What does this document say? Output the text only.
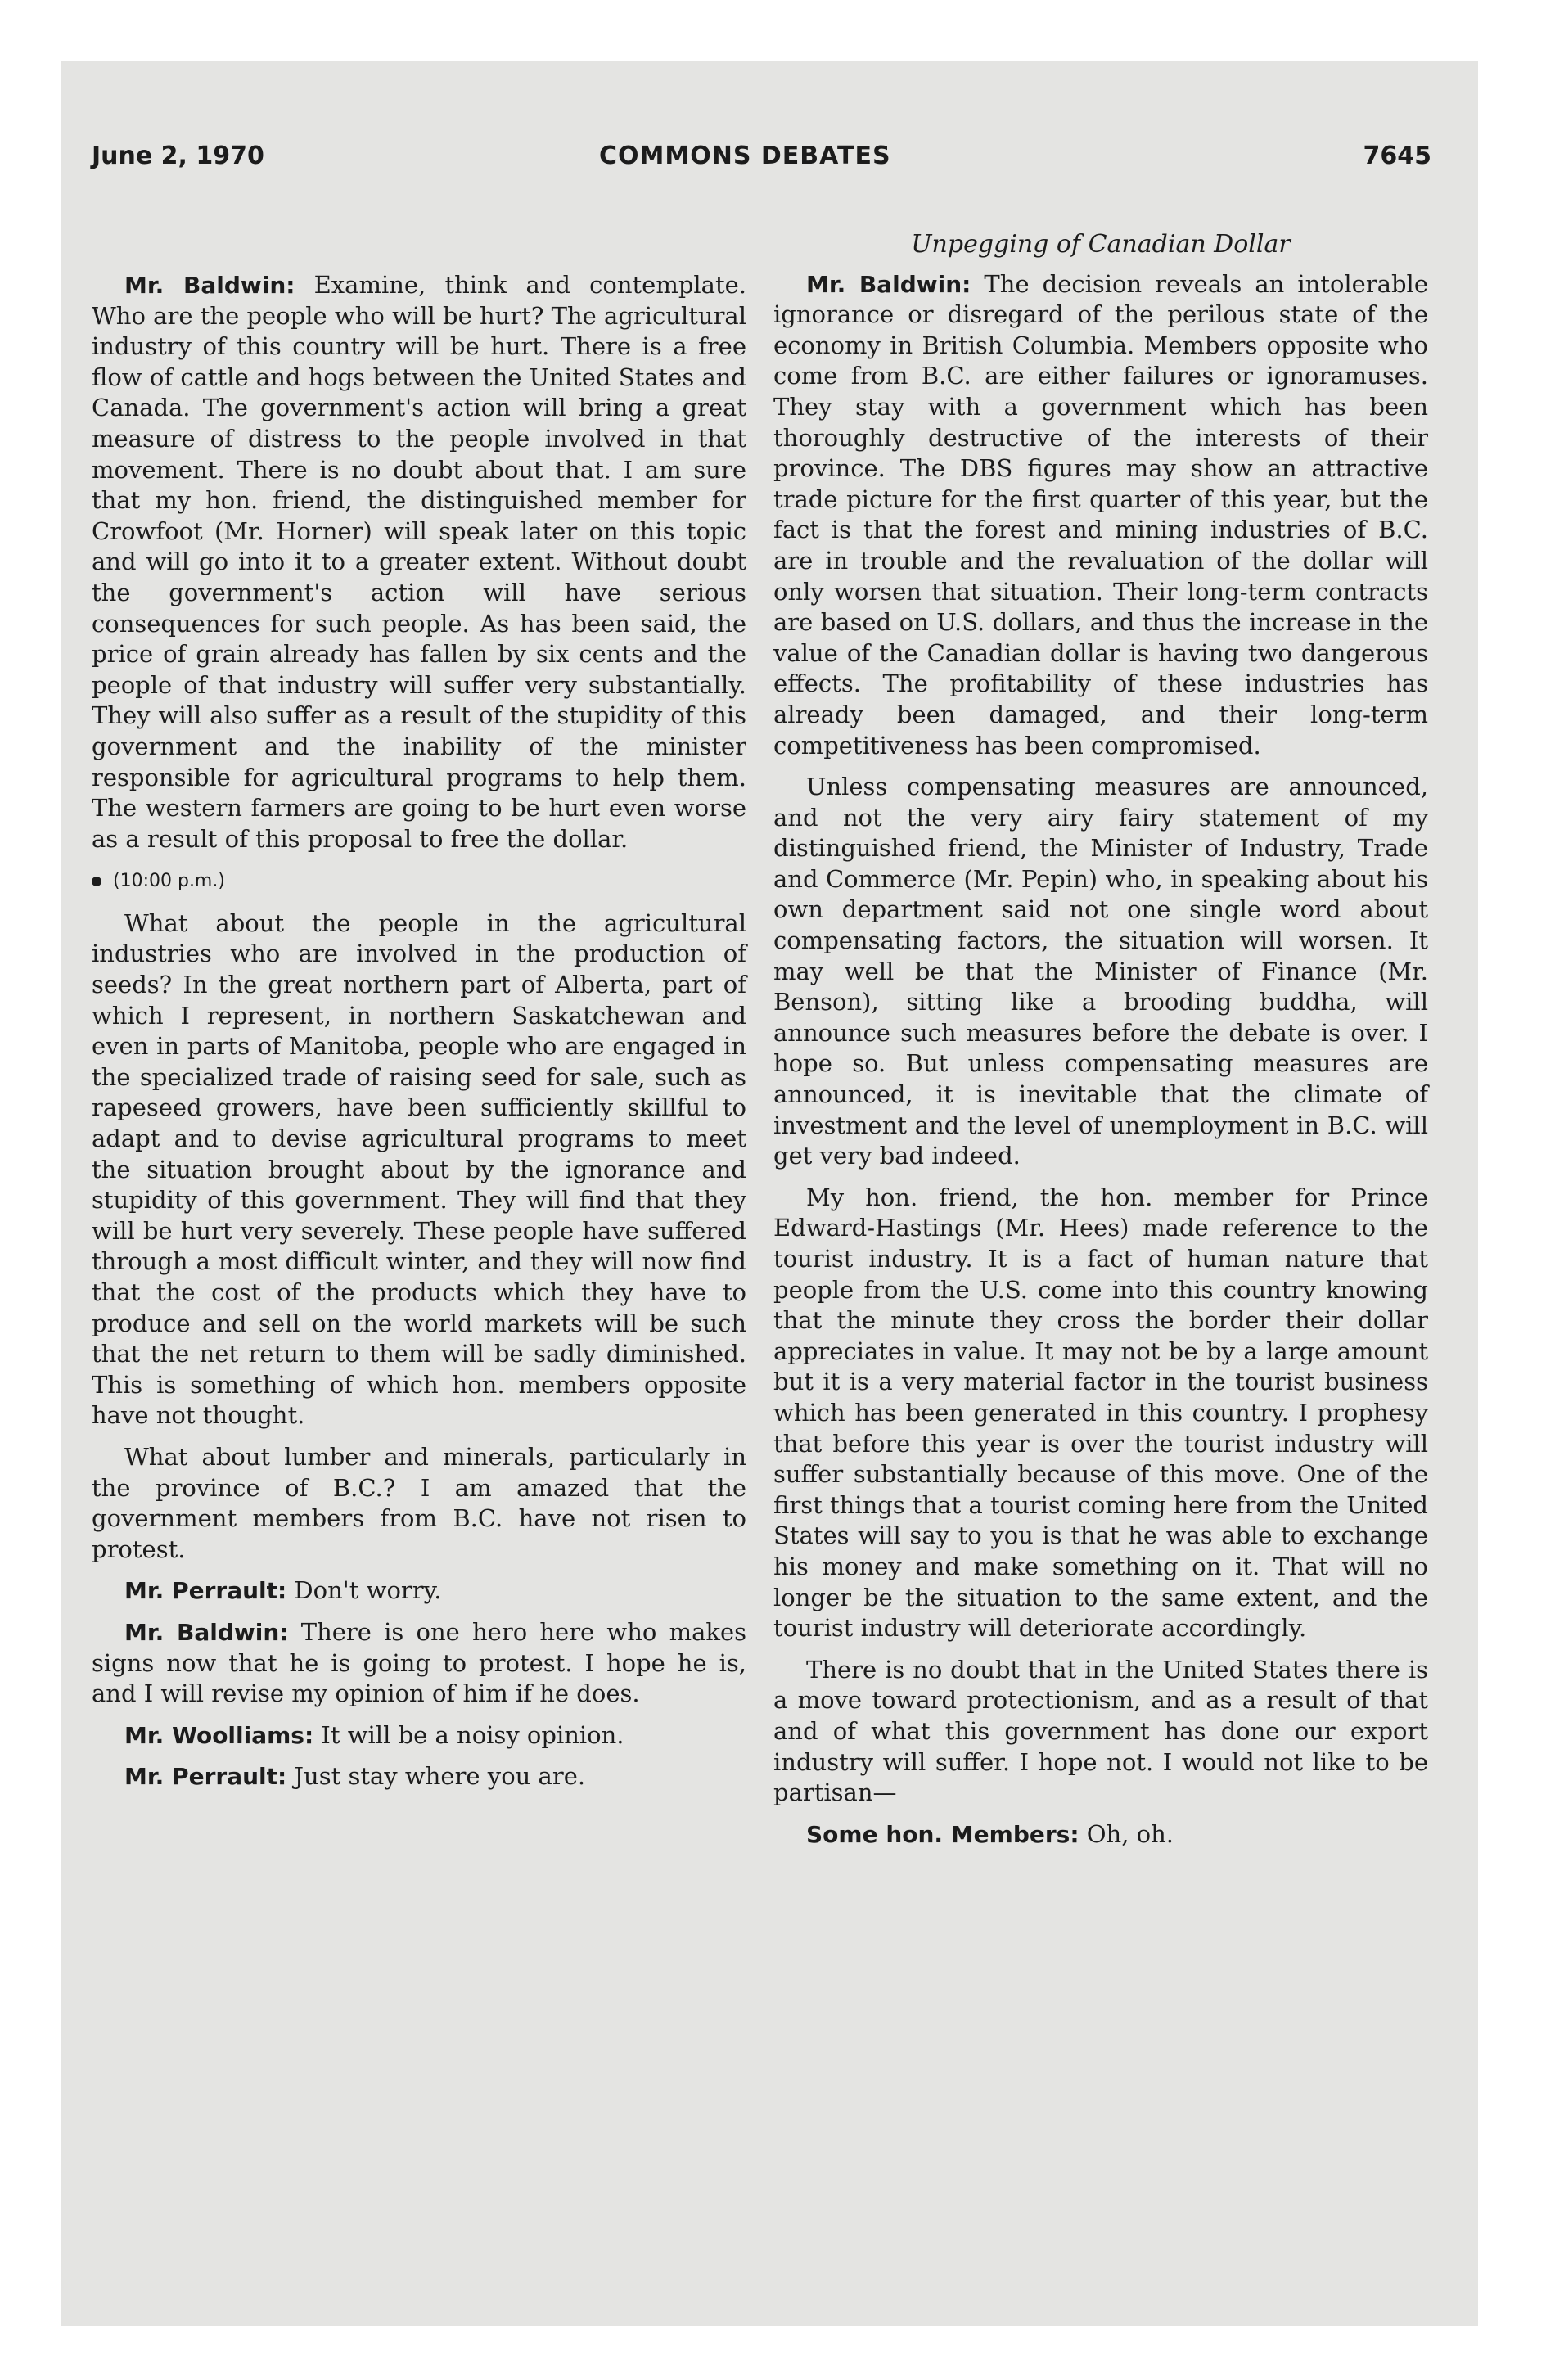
June 2, 1970	COMMONS DEBATES	7645

Mr. Baldwin: Examine, think and contemplate. Who are the people who will be hurt? The agricultural industry of this country will be hurt. There is a free flow of cattle and hogs between the United States and Canada. The government's action will bring a great measure of distress to the people involved in that movement. There is no doubt about that. I am sure that my hon. friend, the distinguished member for Crowfoot (Mr. Horner) will speak later on this topic and will go into it to a greater extent. Without doubt the government's action will have serious consequences for such people. As has been said, the price of grain already has fallen by six cents and the people of that industry will suffer very substantially. They will also suffer as a result of the stupidity of this government and the inability of the minister responsible for agricultural programs to help them. The western farmers are going to be hurt even worse as a result of this proposal to free the dollar.

(10:00 p.m.)

What about the people in the agricultural industries who are involved in the production of seeds? In the great northern part of Alberta, part of which I represent, in northern Saskatchewan and even in parts of Manitoba, people who are engaged in the specialized trade of raising seed for sale, such as rapeseed growers, have been sufficiently skillful to adapt and to devise agricultural programs to meet the situation brought about by the ignorance and stupidity of this government. They will find that they will be hurt very severely. These people have suffered through a most difficult winter, and they will now find that the cost of the products which they have to produce and sell on the world markets will be such that the net return to them will be sadly diminished. This is something of which hon. members opposite have not thought.

What about lumber and minerals, particularly in the province of B.C.? I am amazed that the government members from B.C. have not risen to protest.

Mr. Perrault: Don't worry.

Mr. Baldwin: There is one hero here who makes signs now that he is going to protest. I hope he is, and I will revise my opinion of him if he does.

Mr. Woolliams: It will be a noisy opinion.

Mr. Perrault: Just stay where you are.

Unpegging of Canadian Dollar

Mr. Baldwin: The decision reveals an intolerable ignorance or disregard of the perilous state of the economy in British Columbia. Members opposite who come from B.C. are either failures or ignoramuses. They stay with a government which has been thoroughly destructive of the interests of their province. The DBS figures may show an attractive trade picture for the first quarter of this year, but the fact is that the forest and mining industries of B.C. are in trouble and the revaluation of the dollar will only worsen that situation. Their long-term contracts are based on U.S. dollars, and thus the increase in the value of the Canadian dollar is having two dangerous effects. The profitability of these industries has already been damaged, and their long-term competitiveness has been compromised.

Unless compensating measures are announced, and not the very airy fairy statement of my distinguished friend, the Minister of Industry, Trade and Commerce (Mr. Pepin) who, in speaking about his own department said not one single word about compensating factors, the situation will worsen. It may well be that the Minister of Finance (Mr. Benson), sitting like a brooding buddha, will announce such measures before the debate is over. I hope so. But unless compensating measures are announced, it is inevitable that the climate of investment and the level of unemployment in B.C. will get very bad indeed.

My hon. friend, the hon. member for Prince Edward-Hastings (Mr. Hees) made reference to the tourist industry. It is a fact of human nature that people from the U.S. come into this country knowing that the minute they cross the border their dollar appreciates in value. It may not be by a large amount but it is a very material factor in the tourist business which has been generated in this country. I prophesy that before this year is over the tourist industry will suffer substantially because of this move. One of the first things that a tourist coming here from the United States will say to you is that he was able to exchange his money and make something on it. That will no longer be the situation to the same extent, and the tourist industry will deteriorate accordingly.

There is no doubt that in the United States there is a move toward protectionism, and as a result of that and of what this government has done our export industry will suffer. I hope not. I would not like to be partisan—

Some hon. Members: Oh, oh.
